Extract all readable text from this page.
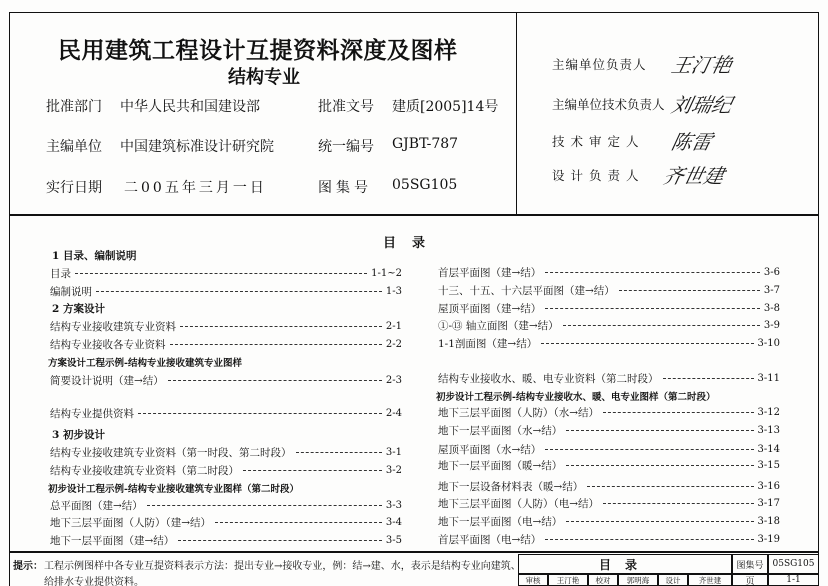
民用建筑工程设计互提资料深度及图样
结构专业
批准部门 中华人民共和国建设部	批准文号 建质[2005]14号
主编单位 中国建筑标准设计研究院	统一编号 GJBT-787
实行日期 二00五年三月一日	图集号 05SG105
主编单位负责人 王汀艳
主编单位技术负责人 刘瑞纪
技术审定人 陈雷
设计负责人 齐世建
目录
1 目录、编制说明
目录	1-1~2
编制说明	1-3
2 方案设计
结构专业接收建筑专业资料	2-1
结构专业接收各专业资料	2-2
方案设计工程示例-结构专业接收建筑专业图样
简要设计说明（建→结）	2-3
结构专业提供资料	2-4
3 初步设计
结构专业接收建筑专业资料（第一时段、第二时段）	3-1
结构专业接收建筑专业资料（第二时段）	3-2
初步设计工程示例-结构专业接收建筑专业图样（第二时段）
总平面图（建→结）	3-3
地下三层平面图（人防）（建→结）	3-4
地下一层平面图（建→结）	3-5
首层平面图（建→结）	3-6
十三、十五、十六层平面图（建→结）	3-7
屋顶平面图（建→结）	3-8
①-⑬ 轴立面图（建→结）	3-9
1-1剖面图（建→结）	3-10
结构专业接收水、暖、电专业资料（第二时段）	3-11
初步设计工程示例-结构专业接收水、暖、电专业图样（第二时段）
地下三层平面图（人防）（水→结）	3-12
地下一层平面图（水→结）	3-13
屋顶平面图（水→结）	3-14
地下一层平面图（暖→结）	3-15
地下一层设备材料表（暖→结）	3-16
地下三层平面图（人防）（电→结）	3-17
地下一层平面图（电→结）	3-18
首层平面图（电→结）	3-19
提示： 工程示例图样中各专业互提资料表示方法：提出专业→接收专业，例：结→建、水，表示是结构专业向建筑、
给排水专业提供资料。
目录	图集号	05SG105
审核	王汀艳	校对	郭明海	设计	齐世建	页	1-1
